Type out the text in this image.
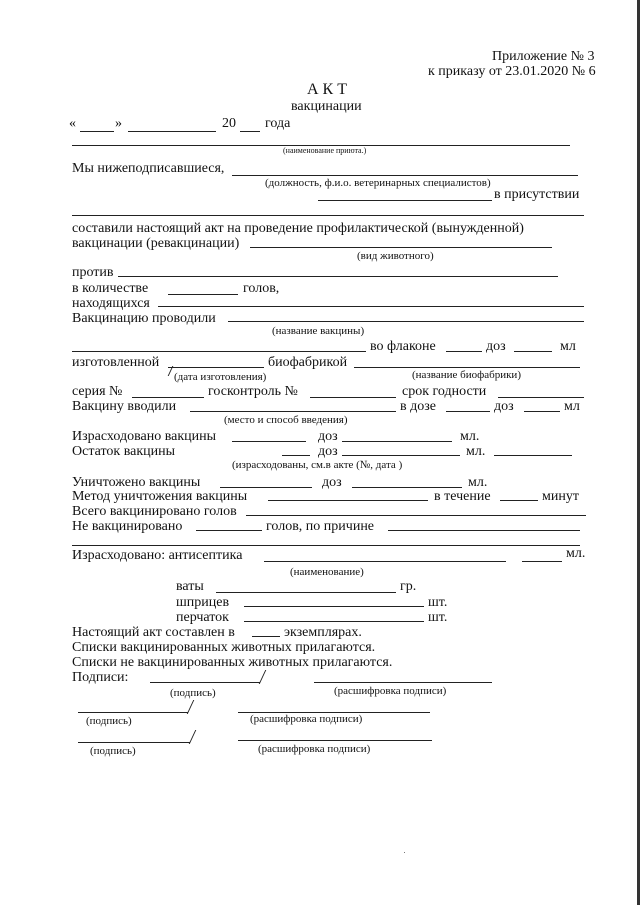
Приложение № 3
к приказу от 23.01.2020 № 6
А К Т
вакцинации
«	»	20 года
(наименование приюта.)
Мы нижеподписавшиеся,
(должность, ф.и.о. ветеринарных специалистов)
в присутствии
составили настоящий акт на проведение профилактической (вынужденной)
вакцинации (ревакцинации)
(вид животного)
против
в количестве	голов,
находящихся
Вакцинацию проводили
(название вакцины)
во флаконе	доз	мл
изготовленной	биофабрикой
(дата изготовления)	(название биофабрики)
серия №	госконтроль №	срок годности
Вакцину вводили	в дозе	доз	мл
(место и способ введения)
Израсходовано вакцины	доз	мл.
Остаток вакцины	доз	мл.
(израсходованы, см.в акте (№, дата )
Уничтожено вакцины	доз	мл.
Метод уничтожения вакцины	в течение	минут
Всего вакцинировано голов
Не вакцинировано	голов, по причине
Израсходовано: антисептика	мл.
(наименование)
ваты	гр.
шприцев	шт.
перчаток	шт.
Настоящий акт составлен в	экземплярах.
Списки вакцинированных животных прилагаются.
Списки не вакцинированных животных прилагаются.
Подписи:
(подпись)	(расшифровка подписи)
(подпись)	(расшифровка подписи)
(подпись)	(расшифровка подписи)
